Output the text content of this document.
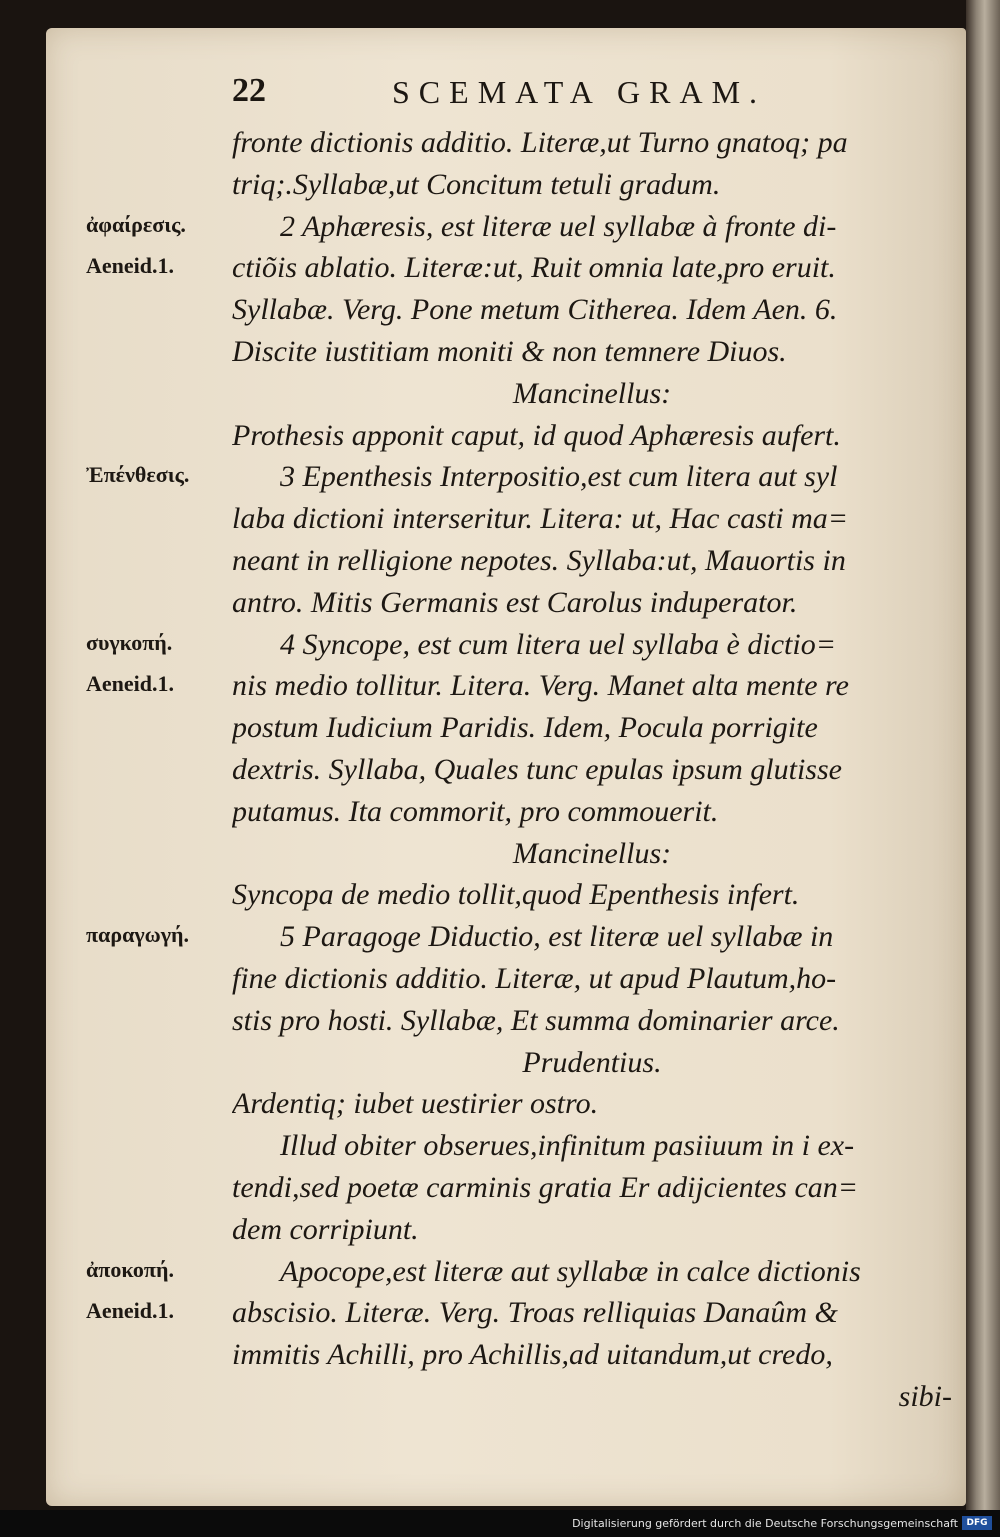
22	SCEMATA GRAM.
ἀφαίρεσις.
Aeneid.1.
Ἐπένθεσις.
συγκοπή.
Aeneid.1.
παραγωγή.
ἀποκοπή.
Aeneid.1.
fronte dictionis additio. Literæ,ut Turno gnatoq; pa
triq;.Syllabæ,ut Concitum tetuli gradum.
2 Aphæresis, est literæ uel syllabæ à fronte di-
ctiõis ablatio. Literæ:ut, Ruit omnia late,pro eruit.
Syllabæ. Verg. Pone metum Citherea. Idem Aen. 6.
Discite iustitiam moniti & non temnere Diuos.
Mancinellus:
Prothesis apponit caput, id quod Aphæresis aufert.
3 Epenthesis Interpositio,est cum litera aut syl
laba dictioni interseritur. Litera: ut, Hac casti ma=
neant in relligione nepotes. Syllaba:ut, Mauortis in
antro. Mitis Germanis est Carolus induperator.
4 Syncope, est cum litera uel syllaba è dictio=
nis medio tollitur. Litera. Verg. Manet alta mente re
postum Iudicium Paridis. Idem, Pocula porrigite
dextris. Syllaba, Quales tunc epulas ipsum glutisse
putamus. Ita commorit, pro commouerit.
Mancinellus:
Syncopa de medio tollit,quod Epenthesis infert.
5 Paragoge Diductio, est literæ uel syllabæ in
fine dictionis additio. Literæ, ut apud Plautum,ho-
stis pro hosti. Syllabæ, Et summa dominarier arce.
Prudentius.
Ardentiq; iubet uestirier ostro.
Illud obiter obserues,infinitum pasiiuum in i ex-
tendi,sed poetæ carminis gratia Er adijcientes can=
dem corripiunt.
Apocope,est literæ aut syllabæ in calce dictionis
abscisio. Literæ. Verg. Troas relliquias Danaûm &
immitis Achilli, pro Achillis,ad uitandum,ut credo,
sibi-
Digitalisierung gefördert durch die Deutsche Forschungsgemeinschaft DFG
